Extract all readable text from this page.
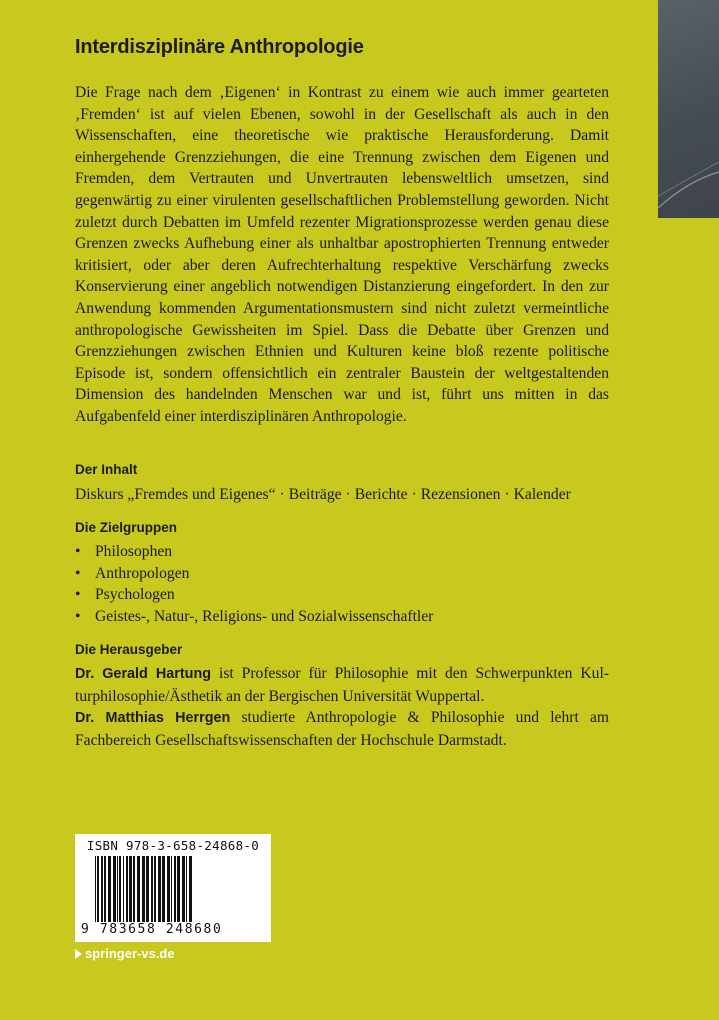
Interdisziplinäre Anthropologie

Die Frage nach dem ‚Eigenen‘ in Kontrast zu einem wie auch immer gearteten ‚Fremden‘ ist auf vielen Ebenen, sowohl in der Gesellschaft als auch in den Wissenschaften, eine theoretische wie praktische Herausforderung. Damit einhergehende Grenzziehungen, die eine Trennung zwischen dem Eigenen und Fremden, dem Vertrauten und Unvertrauten lebensweltlich umsetzen, sind gegenwärtig zu einer virulenten gesellschaftlichen Problemstellung geworden. Nicht zuletzt durch Debatten im Umfeld rezenter Migrationsprozesse werden genau diese Grenzen zwecks Aufhebung einer als unhaltbar apostrophierten Trennung entweder kritisiert, oder aber deren Aufrechterhaltung respektive Verschärfung zwecks Konservierung einer angeblich notwendigen Distanzierung eingefordert. In den zur Anwendung kommenden Argumentationsmustern sind nicht zuletzt vermeintliche anthropologische Gewissheiten im Spiel. Dass die Debatte über Grenzen und Grenzziehungen zwischen Ethnien und Kulturen keine bloß rezente politische Episode ist, sondern offensichtlich ein zentraler Baustein der weltgestaltenden Dimension des handelnden Menschen war und ist, führt uns mitten in das Aufgabenfeld einer interdisziplinären Anthropologie.

Der Inhalt
Diskurs „Fremdes und Eigenes“ · Beiträge · Berichte · Rezensionen · Kalender
Die Zielgruppen
• Philosophen
• Anthropologen
• Psychologen
• Geistes-, Natur-, Religions- und Sozialwissenschaftler
Die Herausgeber

Dr. Gerald Hartung ist Professor für Philosophie mit den Schwerpunkten Kulturphilosophie/Ästhetik an der Bergischen Universität Wuppertal.

Dr. Matthias Herrgen studierte Anthropologie & Philosophie und lehrt am Fachbereich Gesellschaftswissenschaften der Hochschule Darmstadt.

ISBN 978-3-658-24868-0
9 783658 248680
springer-vs.de
